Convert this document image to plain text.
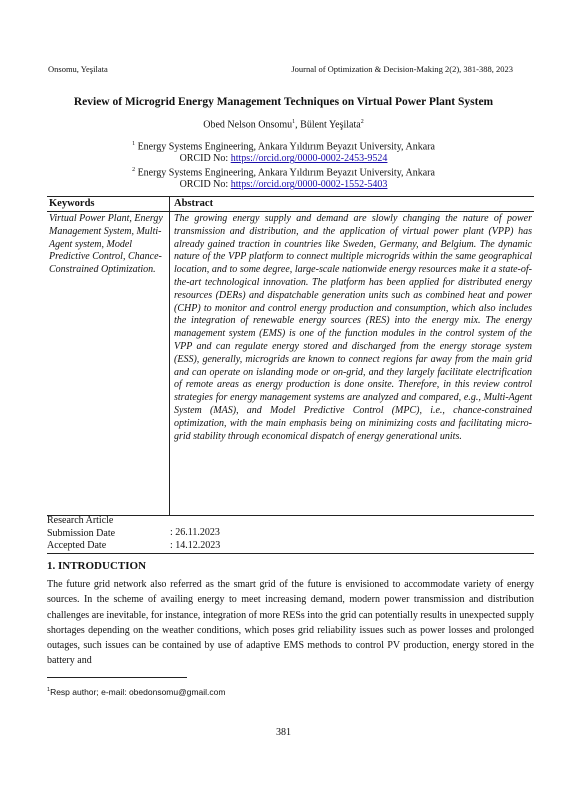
Onsomu, Yeşilata	Journal of Optimization & Decision-Making 2(2), 381-388, 2023
Review of Microgrid Energy Management Techniques on Virtual Power Plant System
Obed Nelson Onsomu$^1$, Bülent Yeşilata$^2$
$^1$ Energy Systems Engineering, Ankara Yıldırım Beyazıt University, Ankara
ORCID No: https://orcid.org/0000-0002-2453-9524
$^2$ Energy Systems Engineering, Ankara Yıldırım Beyazıt University, Ankara
ORCID No: https://orcid.org/0000-0002-1552-5403
Keywords	Abstract
Virtual Power Plant, Energy Management System, Multi-Agent system, Model Predictive Control, Chance-Constrained Optimization.

The growing energy supply and demand are slowly changing the nature of power transmission and distribution, and the application of virtual power plant (VPP) has already gained traction in countries like Sweden, Germany, and Belgium. The dynamic nature of the VPP platform to connect multiple microgrids within the same geographical location, and to some degree, large-scale nationwide energy resources make it a state-of-the-art technological innovation. The platform has been applied for distributed energy resources (DERs) and dispatchable generation units such as combined heat and power (CHP) to monitor and control energy production and consumption, which also includes the integration of renewable energy sources (RES) into the energy mix. The energy management system (EMS) is one of the function modules in the control system of the VPP and can regulate energy stored and discharged from the energy storage system (ESS), generally, microgrids are known to connect regions far away from the main grid and can operate on islanding mode or on-grid, and they largely facilitate electrification of remote areas as energy production is done onsite. Therefore, in this review control strategies for energy management systems are analyzed and compared, e.g., Multi-Agent System (MAS), and Model Predictive Control (MPC), i.e., chance-constrained optimization, with the main emphasis being on minimizing costs and facilitating micro-grid stability through economical dispatch of energy generational units.

Research Article
Submission Date
Accepted Date
: 26.11.2023
: 14.12.2023
1. INTRODUCTION

The future grid network also referred as the smart grid of the future is envisioned to accommodate variety of energy sources. In the scheme of availing energy to meet increasing demand, modern power transmission and distribution challenges are inevitable, for instance, integration of more RESs into the grid can potentially results in unexpected supply shortages depending on the weather conditions, which poses grid reliability issues such as power losses and prolonged outages, such issues can be contained by use of adaptive EMS methods to control PV production, energy stored in the battery and

$^1$Resp author; e-mail: obedonsomu@gmail.com
381
